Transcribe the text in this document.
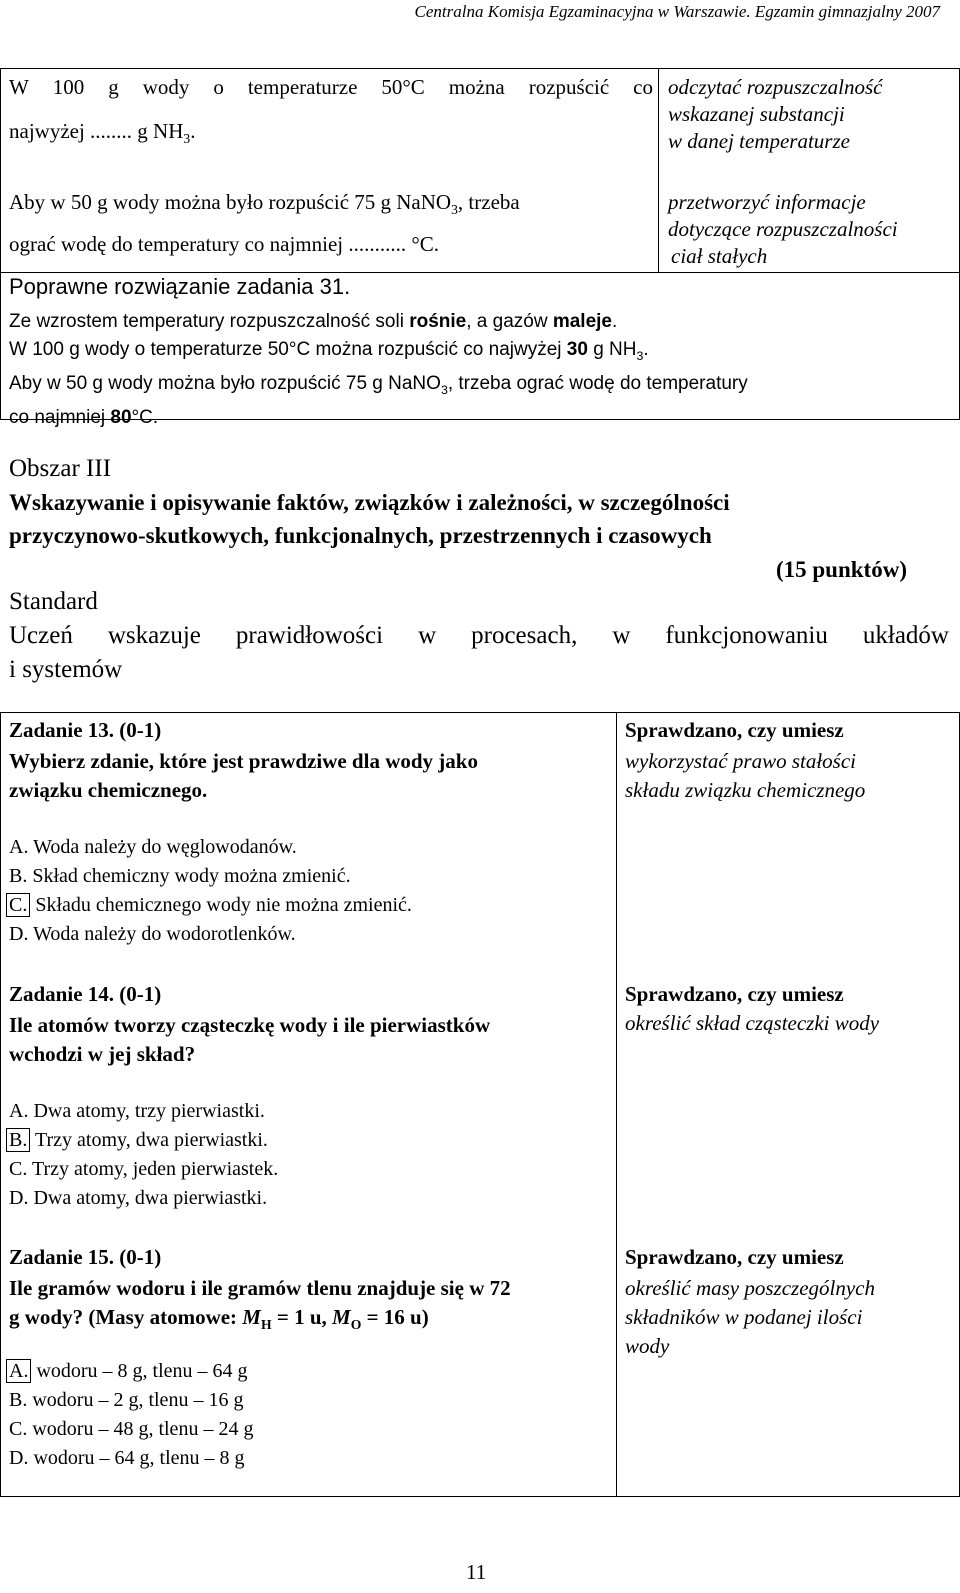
Centralna Komisja Egzaminacyjna w Warszawie. Egzamin gimnazjalny 2007
W 100 g wody o temperaturze 50°C można rozpuścić co
najwyżej ........ g $NH_3$.
odczytać rozpuszczalność
wskazanej substancji
w danej temperaturze
Aby w 50 g wody można było rozpuścić 75 g NaNO$_3$, trzeba
ograć wodę do temperatury co najmniej ........... °C.
przetworzyć informacje
dotyczące rozpuszczalności
ciał stałych
Poprawne rozwiązanie zadania 31.
Ze wzrostem temperatury rozpuszczalność soli rośnie, a gazów maleje.
W 100 g wody o temperaturze 50°C można rozpuścić co najwyżej 30 g $NH_3$.
Aby w 50 g wody można było rozpuścić 75 g NaNO$_3$, trzeba ograć wodę do temperatury
co najmniej 80°C.
Obszar III
Wskazywanie i opisywanie faktów, związków i zależności, w szczególności
przyczynowo-skutkowych, funkcjonalnych, przestrzennych i czasowych
(15 punktów)
Standard
Uczeń wskazuje prawidłowości w procesach, w funkcjonowaniu układów
i systemów
Zadanie 13. (0-1)
Wybierz zdanie, które jest prawdziwe dla wody jako
związku chemicznego.
Sprawdzano, czy umiesz
wykorzystać prawo stałości
składu związku chemicznego
A. Woda należy do węglowodanów.
B. Skład chemiczny wody można zmienić.
C. Składu chemicznego wody nie można zmienić.
D. Woda należy do wodorotlenków.
Zadanie 14. (0-1)
Ile atomów tworzy cząsteczkę wody i ile pierwiastków
wchodzi w jej skład?
Sprawdzano, czy umiesz
określić skład cząsteczki wody
A. Dwa atomy, trzy pierwiastki.
B. Trzy atomy, dwa pierwiastki.
C. Trzy atomy, jeden pierwiastek.
D. Dwa atomy, dwa pierwiastki.
Zadanie 15. (0-1)
Ile gramów wodoru i ile gramów tlenu znajduje się w 72
g wody? (Masy atomowe: $M_H = 1$ u, $M_O = 16$ u)
Sprawdzano, czy umiesz
określić masy poszczególnych
składników w podanej ilości
wody
A. wodoru – 8 g, tlenu – 64 g
B. wodoru – 2 g, tlenu – 16 g
C. wodoru – 48 g, tlenu – 24 g
D. wodoru – 64 g, tlenu – 8 g
11
